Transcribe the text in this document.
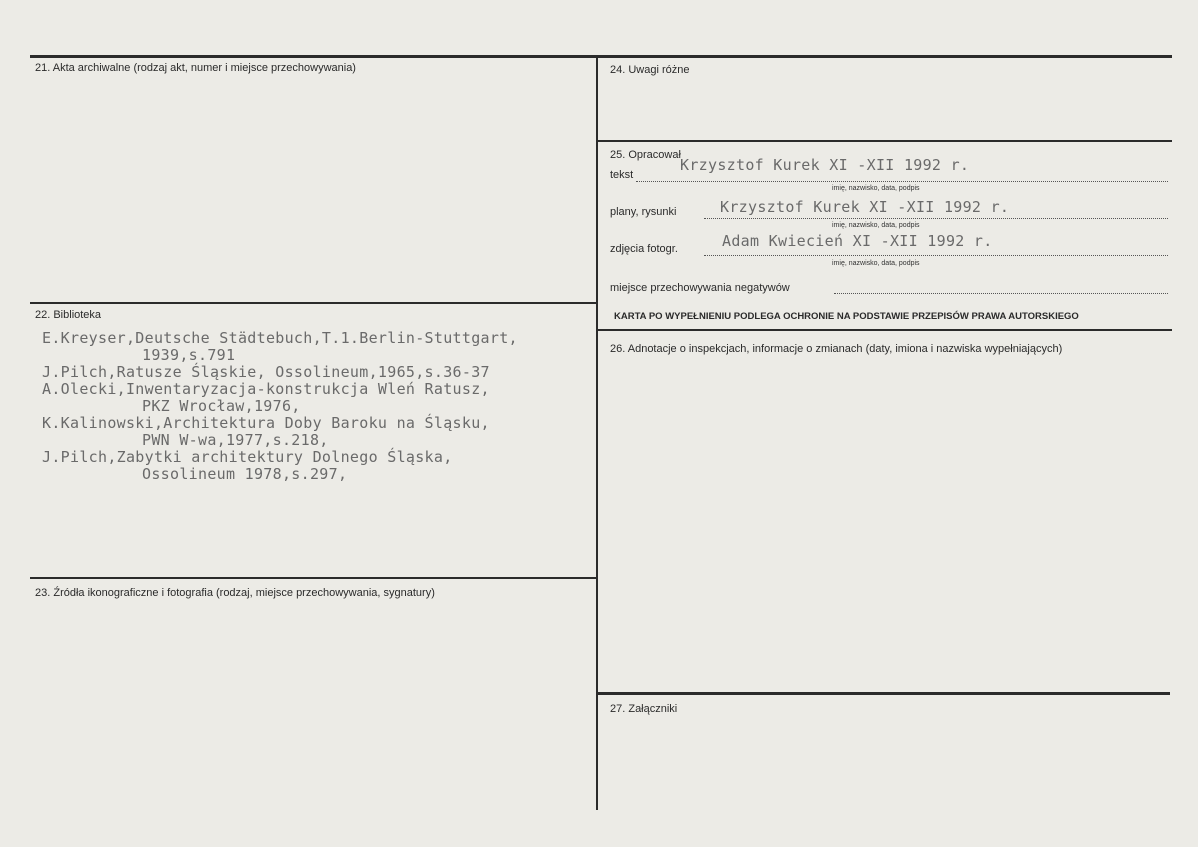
21. Akta archiwalne (rodzaj akt, numer i miejsce przechowywania)
22. Biblioteka
E.Kreyser,Deutsche Städtebuch,T.1.Berlin-Stuttgart,
1939,s.791
J.Pilch,Ratusze Śląskie, Ossolineum,1965,s.36-37
A.Olecki,Inwentaryzacja-konstrukcja Wleń Ratusz,
PKZ Wrocław,1976,
K.Kalinowski,Architektura Doby Baroku na Śląsku,
PWN W-wa,1977,s.218,
J.Pilch,Zabytki architektury Dolnego Śląska,
Ossolineum 1978,s.297,
23. Źródła ikonograficzne i fotografia (rodzaj, miejsce przechowywania, sygnatury)
24. Uwagi różne
25. Opracował
tekst
Krzysztof Kurek XI -XII 1992 r.
imię, nazwisko, data, podpis
plany, rysunki	Krzysztof Kurek XI -XII 1992 r.
imię, nazwisko, data, podpis
zdjęcia fotogr.	Adam Kwiecień XI -XII 1992 r.
imię, nazwisko, data, podpis
miejsce przechowywania negatywów
KARTA PO WYPEŁNIENIU PODLEGA OCHRONIE NA PODSTAWIE PRZEPISÓW PRAWA AUTORSKIEGO
26. Adnotacje o inspekcjach, informacje o zmianach (daty, imiona i nazwiska wypełniających)
27. Załączniki
